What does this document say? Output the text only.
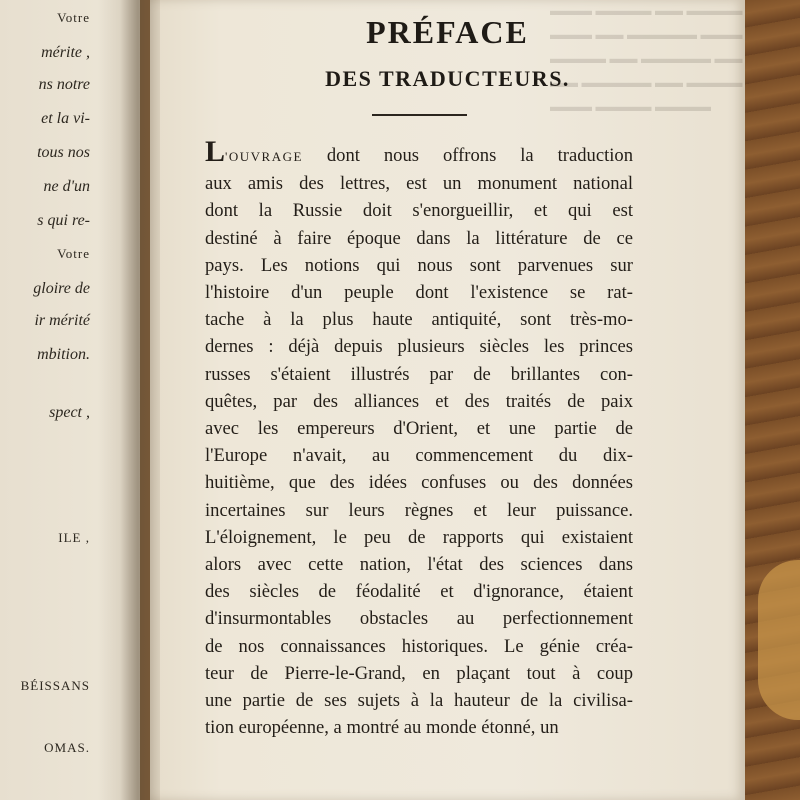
Votre
mérite ,
ns notre
et la vi-
tous nos
ne d'un
s qui re-
Votre
gloire de
ir mérité
mbition.
spect ,
ILE ,
BÉISSANS
OMAS.
▬▬▬ ▬▬▬▬ ▬▬ ▬▬▬▬
▬▬▬ ▬▬ ▬▬▬▬▬ ▬▬▬
▬▬▬▬ ▬▬ ▬▬▬▬▬ ▬▬
▬▬ ▬▬▬▬▬ ▬▬ ▬▬▬▬
▬▬▬ ▬▬▬▬ ▬▬▬▬
PRÉFACE
DES TRADUCTEURS.
L'OUVRAGE dont nous offrons la traduction
aux amis des lettres, est un monument national
dont la Russie doit s'enorgueillir, et qui est
destiné à faire époque dans la littérature de ce
pays. Les notions qui nous sont parvenues sur
l'histoire d'un peuple dont l'existence se rat-
tache à la plus haute antiquité, sont très-mo-
dernes : déjà depuis plusieurs siècles les princes
russes s'étaient illustrés par de brillantes con-
quêtes, par des alliances et des traités de paix
avec les empereurs d'Orient, et une partie de
l'Europe n'avait, au commencement du dix-
huitième, que des idées confuses ou des données
incertaines sur leurs règnes et leur puissance.
L'éloignement, le peu de rapports qui existaient
alors avec cette nation, l'état des sciences dans
des siècles de féodalité et d'ignorance, étaient
d'insurmontables obstacles au perfectionnement
de nos connaissances historiques. Le génie créa-
teur de Pierre-le-Grand, en plaçant tout à coup
une partie de ses sujets à la hauteur de la civilisa-
tion européenne, a montré au monde étonné, un
